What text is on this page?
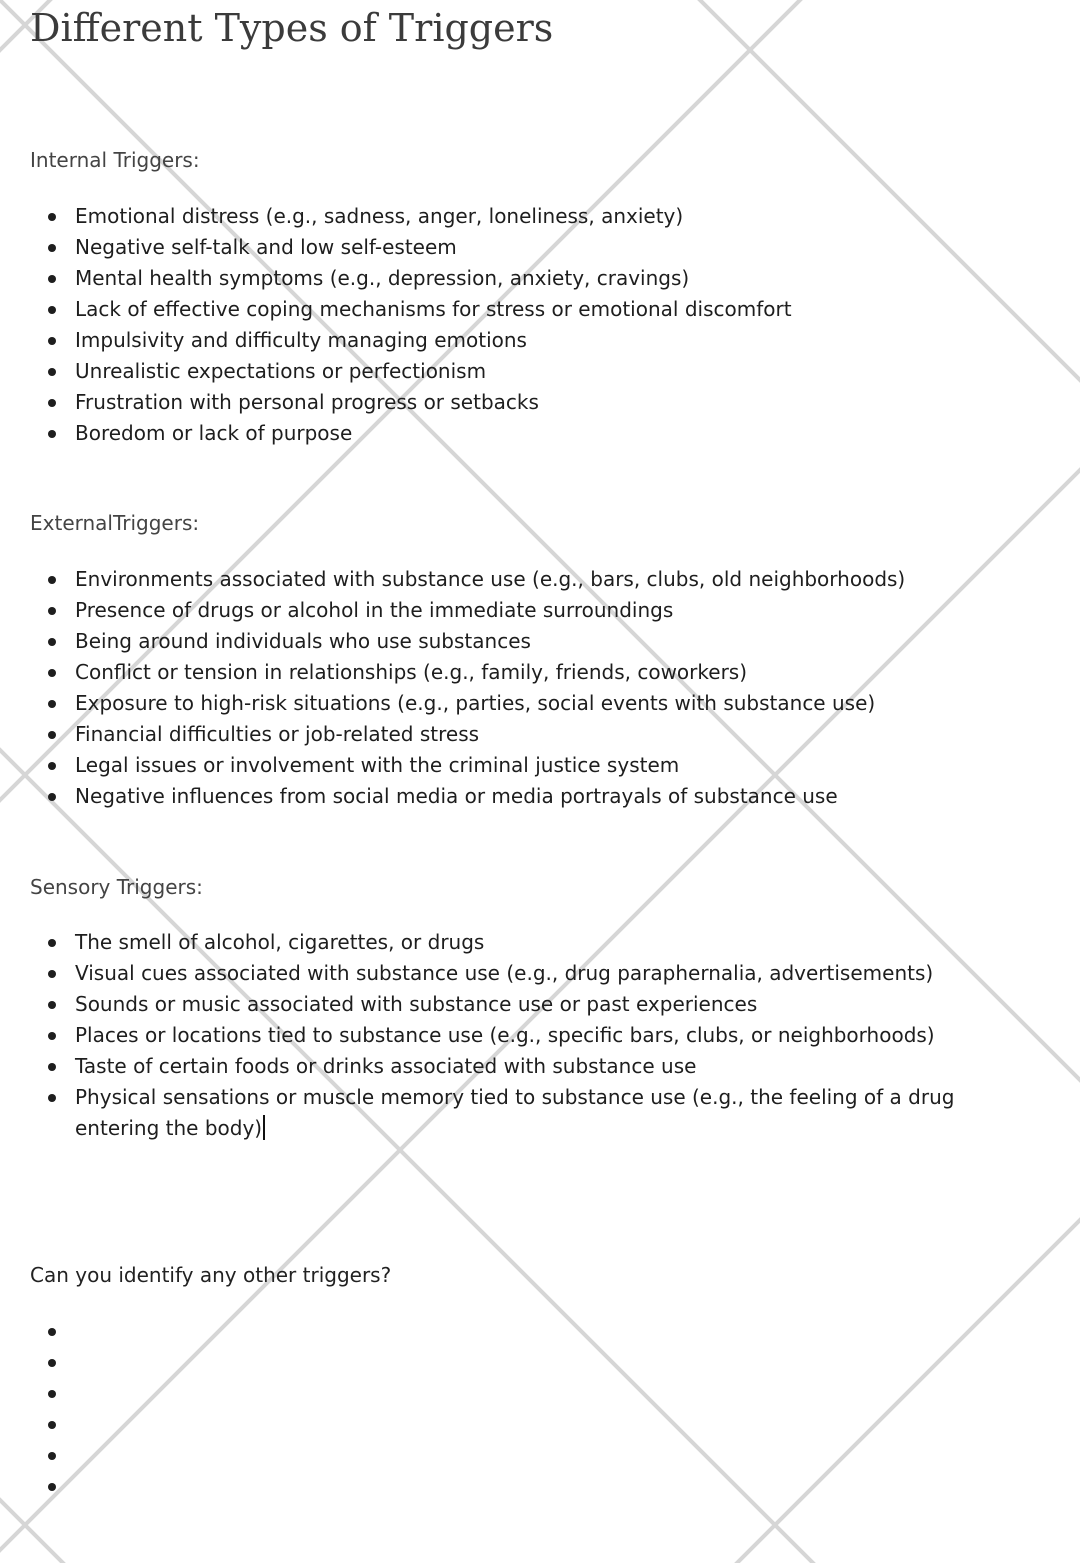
Different Types of Triggers

Internal Triggers:

Emotional distress (e.g., sadness, anger, loneliness, anxiety)
Negative self-talk and low self-esteem
Mental health symptoms (e.g., depression, anxiety, cravings)
Lack of effective coping mechanisms for stress or emotional discomfort
Impulsivity and difficulty managing emotions
Unrealistic expectations or perfectionism
Frustration with personal progress or setbacks
Boredom or lack of purpose

ExternalTriggers:

Environments associated with substance use (e.g., bars, clubs, old neighborhoods)
Presence of drugs or alcohol in the immediate surroundings
Being around individuals who use substances
Conflict or tension in relationships (e.g., family, friends, coworkers)
Exposure to high-risk situations (e.g., parties, social events with substance use)
Financial difficulties or job-related stress
Legal issues or involvement with the criminal justice system
Negative influences from social media or media portrayals of substance use

Sensory Triggers:

The smell of alcohol, cigarettes, or drugs
Visual cues associated with substance use (e.g., drug paraphernalia, advertisements)
Sounds or music associated with substance use or past experiences
Places or locations tied to substance use (e.g., specific bars, clubs, or neighborhoods)
Taste of certain foods or drinks associated with substance use
Physical sensations or muscle memory tied to substance use (e.g., the feeling of a drug entering the body)

Can you identify any other triggers?
